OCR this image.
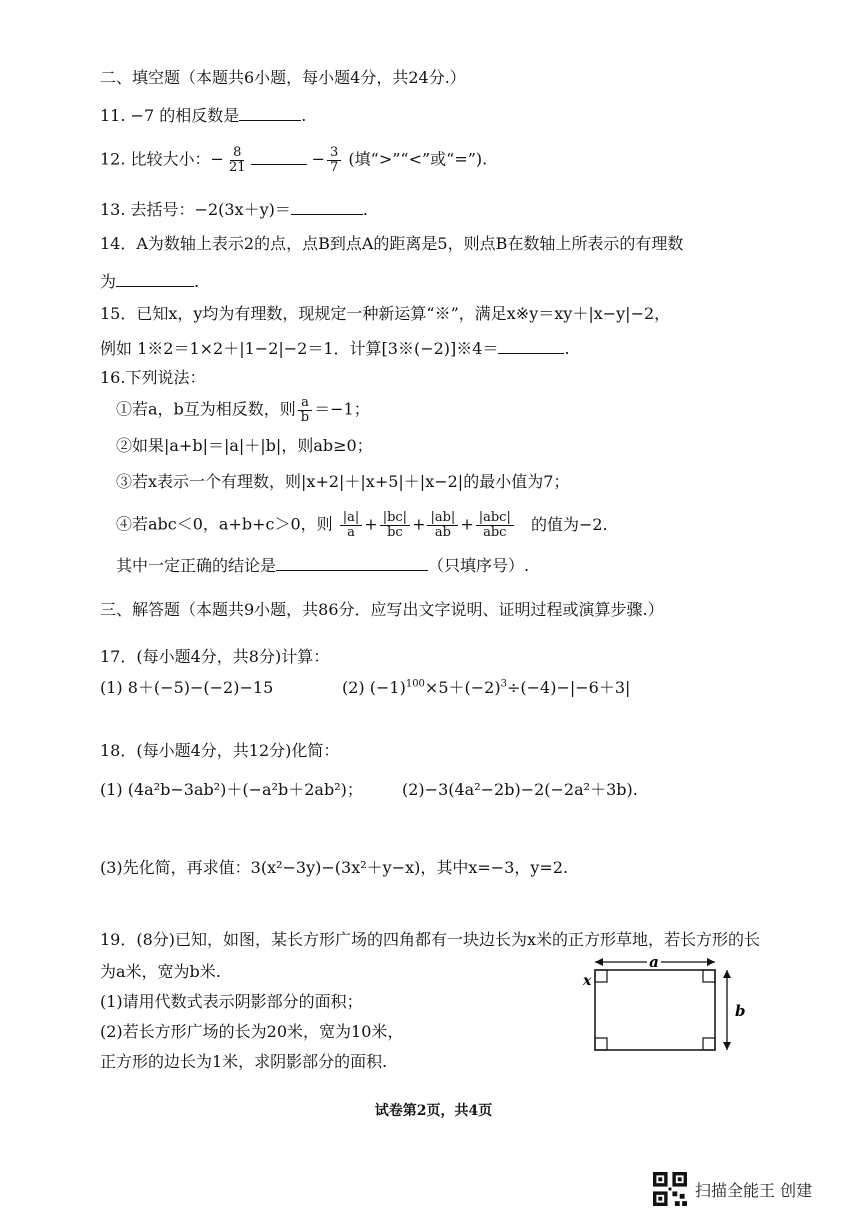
二、填空题（本题共6小题，每小题4分，共24分.）
11. −7 的相反数是	.
12. 比较大小：− $\frac{8}{21}$	− $\frac{3}{7}$ (填“>”“<”或“=”).
13. 去括号：−2(3x＋y)＝	.
14．A为数轴上表示2的点，点B到点A的距离是5，则点B在数轴上所表示的有理数
为	.
15．已知x，y均为有理数，现规定一种新运算“※”，满足x※y＝xy＋|x−y|−2，
例如 1※2＝1×2＋|1−2|−2＝1．计算[3※(−2)]※4＝	.
16.下列说法：
①若a，b互为相反数，则 $\frac{a}{b} =-1$；
②如果|a+b|＝|a|＋|b|，则ab≥0；
③若x表示一个有理数，则|x+2|＋|x+5|＋|x−2|的最小值为7；
④若abc＜0，a+b+c＞0，则 $\frac{|a|}{a} + \frac{|bc|}{bc} + \frac{|ab|}{ab} + \frac{\text{|abc|}}{\text{abc}}$ 的值为−2.
其中一定正确的结论是	（只填序号）.
三、解答题（本题共9小题，共86分．应写出文字说明、证明过程或演算步骤.）
17．(每小题4分，共8分)计算：
(1) 8＋(−5)−(−2)−15	(2) $(-1)^{100}\times 5+(-2)^3\div(-4)-|-6+3|$
18．(每小题4分，共12分)化简：
(1) (4a²b−3ab²)＋(−a²b＋2ab²)； (2)−3(4a²−2b)−2(−2a²＋3b).
(3)先化简，再求值：3(x²−3y)−(3x²＋y−x)，其中x=−3，y=2.
19．(8分)已知，如图，某长方形广场的四角都有一块边长为x米的正方形草地，若长方形的长
为a米，宽为b米.
(1)请用代数式表示阴影部分的面积；
(2)若长方形广场的长为20米，宽为10米，
正方形的边长为1米，求阴影部分的面积.
a
b
x
试卷第2页，共4页
扫描全能王 创建
